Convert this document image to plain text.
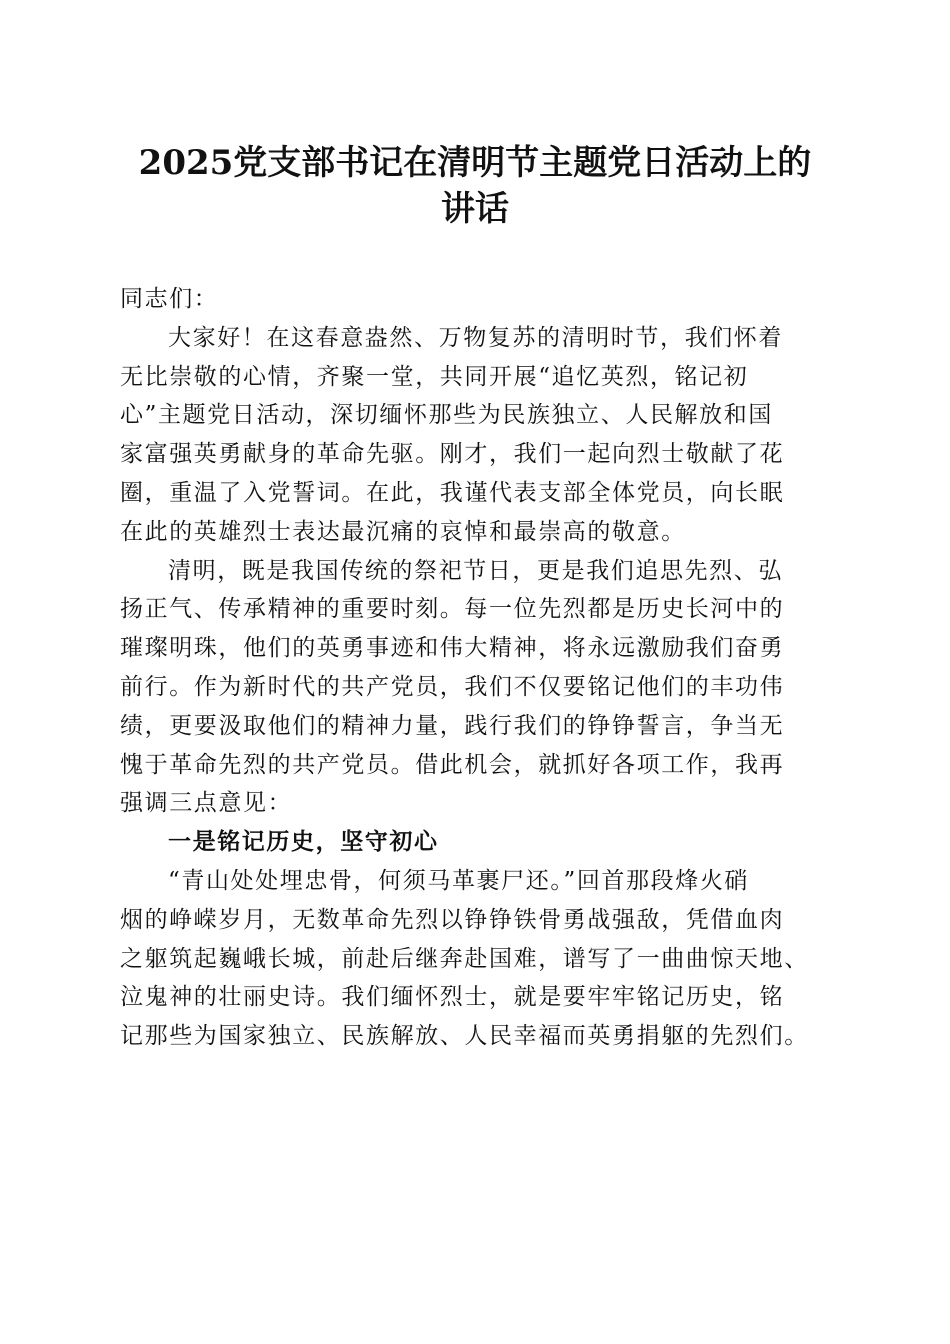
2025党支部书记在清明节主题党日活动上的
讲话
同志们：
大家好！在这春意盎然、万物复苏的清明时节，我们怀着
无比崇敬的心情，齐聚一堂，共同开展“追忆英烈，铭记初
心”主题党日活动，深切缅怀那些为民族独立、人民解放和国
家富强英勇献身的革命先驱。刚才，我们一起向烈士敬献了花
圈，重温了入党誓词。在此，我谨代表支部全体党员，向长眠
在此的英雄烈士表达最沉痛的哀悼和最崇高的敬意。
清明，既是我国传统的祭祀节日，更是我们追思先烈、弘
扬正气、传承精神的重要时刻。每一位先烈都是历史长河中的
璀璨明珠，他们的英勇事迹和伟大精神，将永远激励我们奋勇
前行。作为新时代的共产党员，我们不仅要铭记他们的丰功伟
绩，更要汲取他们的精神力量，践行我们的铮铮誓言，争当无
愧于革命先烈的共产党员。借此机会，就抓好各项工作，我再
强调三点意见：
一是铭记历史，坚守初心
“青山处处埋忠骨，何须马革裹尸还。”回首那段烽火硝
烟的峥嵘岁月，无数革命先烈以铮铮铁骨勇战强敌，凭借血肉
之躯筑起巍峨长城，前赴后继奔赴国难，谱写了一曲曲惊天地、
泣鬼神的壮丽史诗。我们缅怀烈士，就是要牢牢铭记历史，铭
记那些为国家独立、民族解放、人民幸福而英勇捐躯的先烈们。
